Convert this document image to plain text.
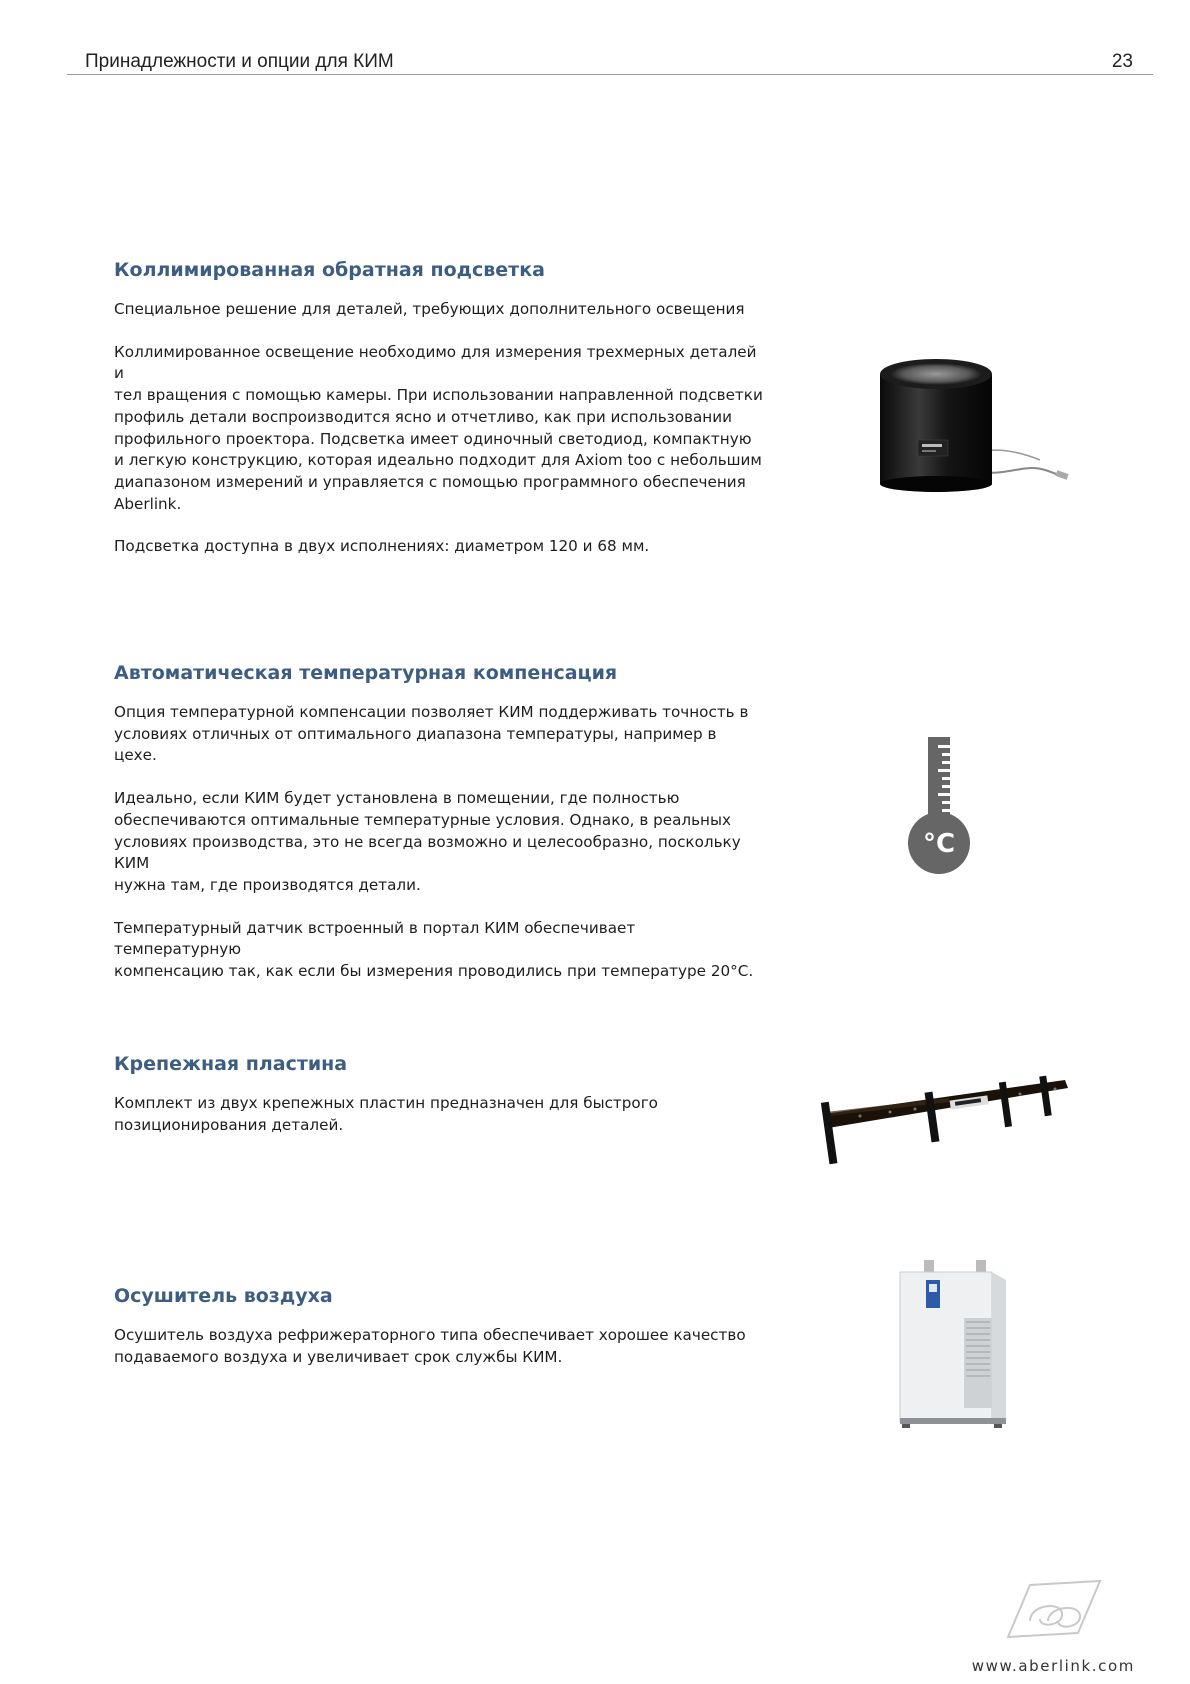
Принадлежности и опции для КИМ	23
Коллимированная обратная подсветка

Специальное решение для деталей, требующих дополнительного освещения

Коллимированное освещение необходимо для измерения трехмерных деталей и
тел вращения с помощью камеры. При использовании направленной подсветки
профиль детали воспроизводится ясно и отчетливо, как при использовании
профильного проектора. Подсветка имеет одиночный светодиод, компактную
и легкую конструкцию, которая идеально подходит для Axiom too с небольшим
диапазоном измерений и управляется с помощью программного обеспечения
Aberlink.

Подсветка доступна в двух исполнениях: диаметром 120 и 68 мм.

Автоматическая температурная компенсация

Опция температурной компенсации позволяет КИМ поддерживать точность в
условиях отличных от оптимального диапазона температуры, например в цехе.

Идеально, если КИМ будет установлена в помещении, где полностью
обеспечиваются оптимальные температурные условия. Однако, в реальных
условиях производства, это не всегда возможно и целесообразно, поскольку КИМ
нужна там, где производятся детали.

Температурный датчик встроенный в портал КИМ обеспечивает температурную
компенсацию так, как если бы измерения проводились при температуре 20°C.

°C
Крепежная пластина

Комплект из двух крепежных пластин предназначен для быстрого
позиционирования деталей.

Осушитель воздуха

Осушитель воздуха рефрижераторного типа обеспечивает хорошее качество
подаваемого воздуха и увеличивает срок службы КИМ.

www.aberlink.com
